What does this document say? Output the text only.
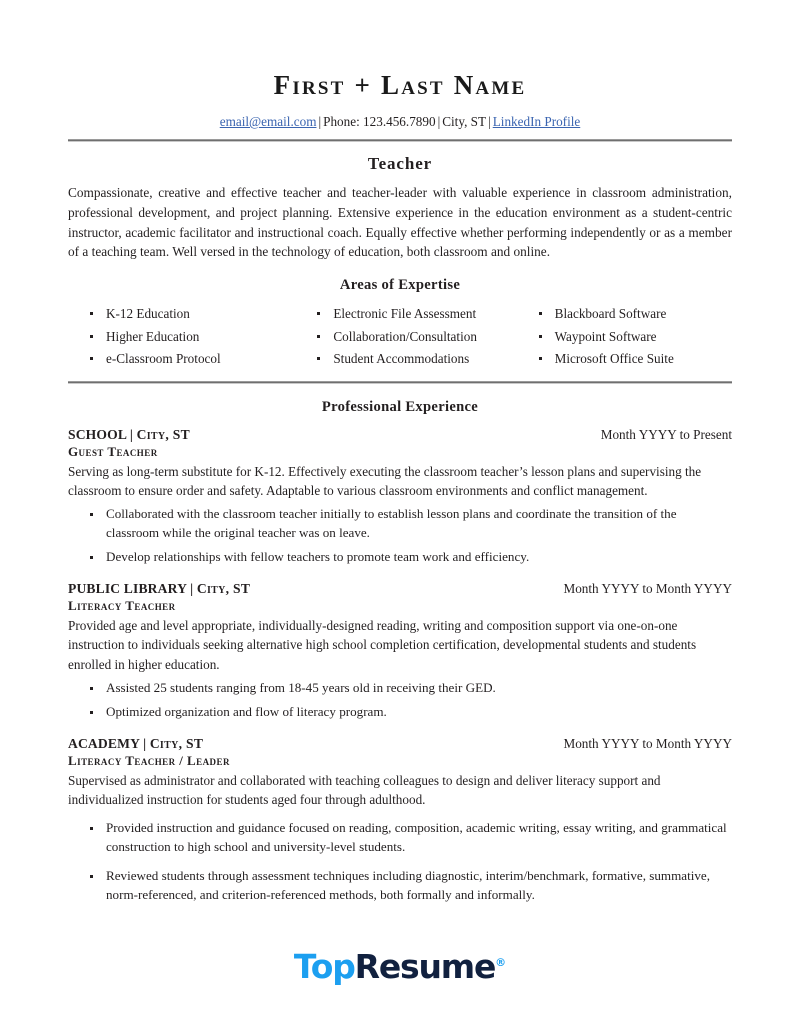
First + Last Name
email@email.com | Phone: 123.456.7890 | City, ST | LinkedIn Profile
Teacher
Compassionate, creative and effective teacher and teacher-leader with valuable experience in classroom administration, professional development, and project planning. Extensive experience in the education environment as a student-centric instructor, academic facilitator and instructional coach. Equally effective whether performing independently or as a member of a teaching team. Well versed in the technology of education, both classroom and online.
Areas of Expertise
K-12 Education
Higher Education
e-Classroom Protocol
Electronic File Assessment
Collaboration/Consultation
Student Accommodations
Blackboard Software
Waypoint Software
Microsoft Office Suite
Professional Experience
SCHOOL | City, ST	Month YYYY to Present
Guest Teacher
Serving as long-term substitute for K-12. Effectively executing the classroom teacher’s lesson plans and supervising the classroom to ensure order and safety. Adaptable to various classroom environments and conflict management.
Collaborated with the classroom teacher initially to establish lesson plans and coordinate the transition of the classroom while the original teacher was on leave.
Develop relationships with fellow teachers to promote team work and efficiency.
PUBLIC LIBRARY | City, ST	Month YYYY to Month YYYY
Literacy Teacher
Provided age and level appropriate, individually-designed reading, writing and composition support via one-on-one instruction to individuals seeking alternative high school completion certification, developmental students and students enrolled in higher education.
Assisted 25 students ranging from 18-45 years old in receiving their GED.
Optimized organization and flow of literacy program.
ACADEMY | City, ST	Month YYYY to Month YYYY
Literacy Teacher / Leader
Supervised as administrator and collaborated with teaching colleagues to design and deliver literacy support and individualized instruction for students aged four through adulthood.
Provided instruction and guidance focused on reading, composition, academic writing, essay writing, and grammatical construction to high school and university-level students.
Reviewed students through assessment techniques including diagnostic, interim/benchmark, formative, summative, norm-referenced, and criterion-referenced methods, both formally and informally.
TopResume®
